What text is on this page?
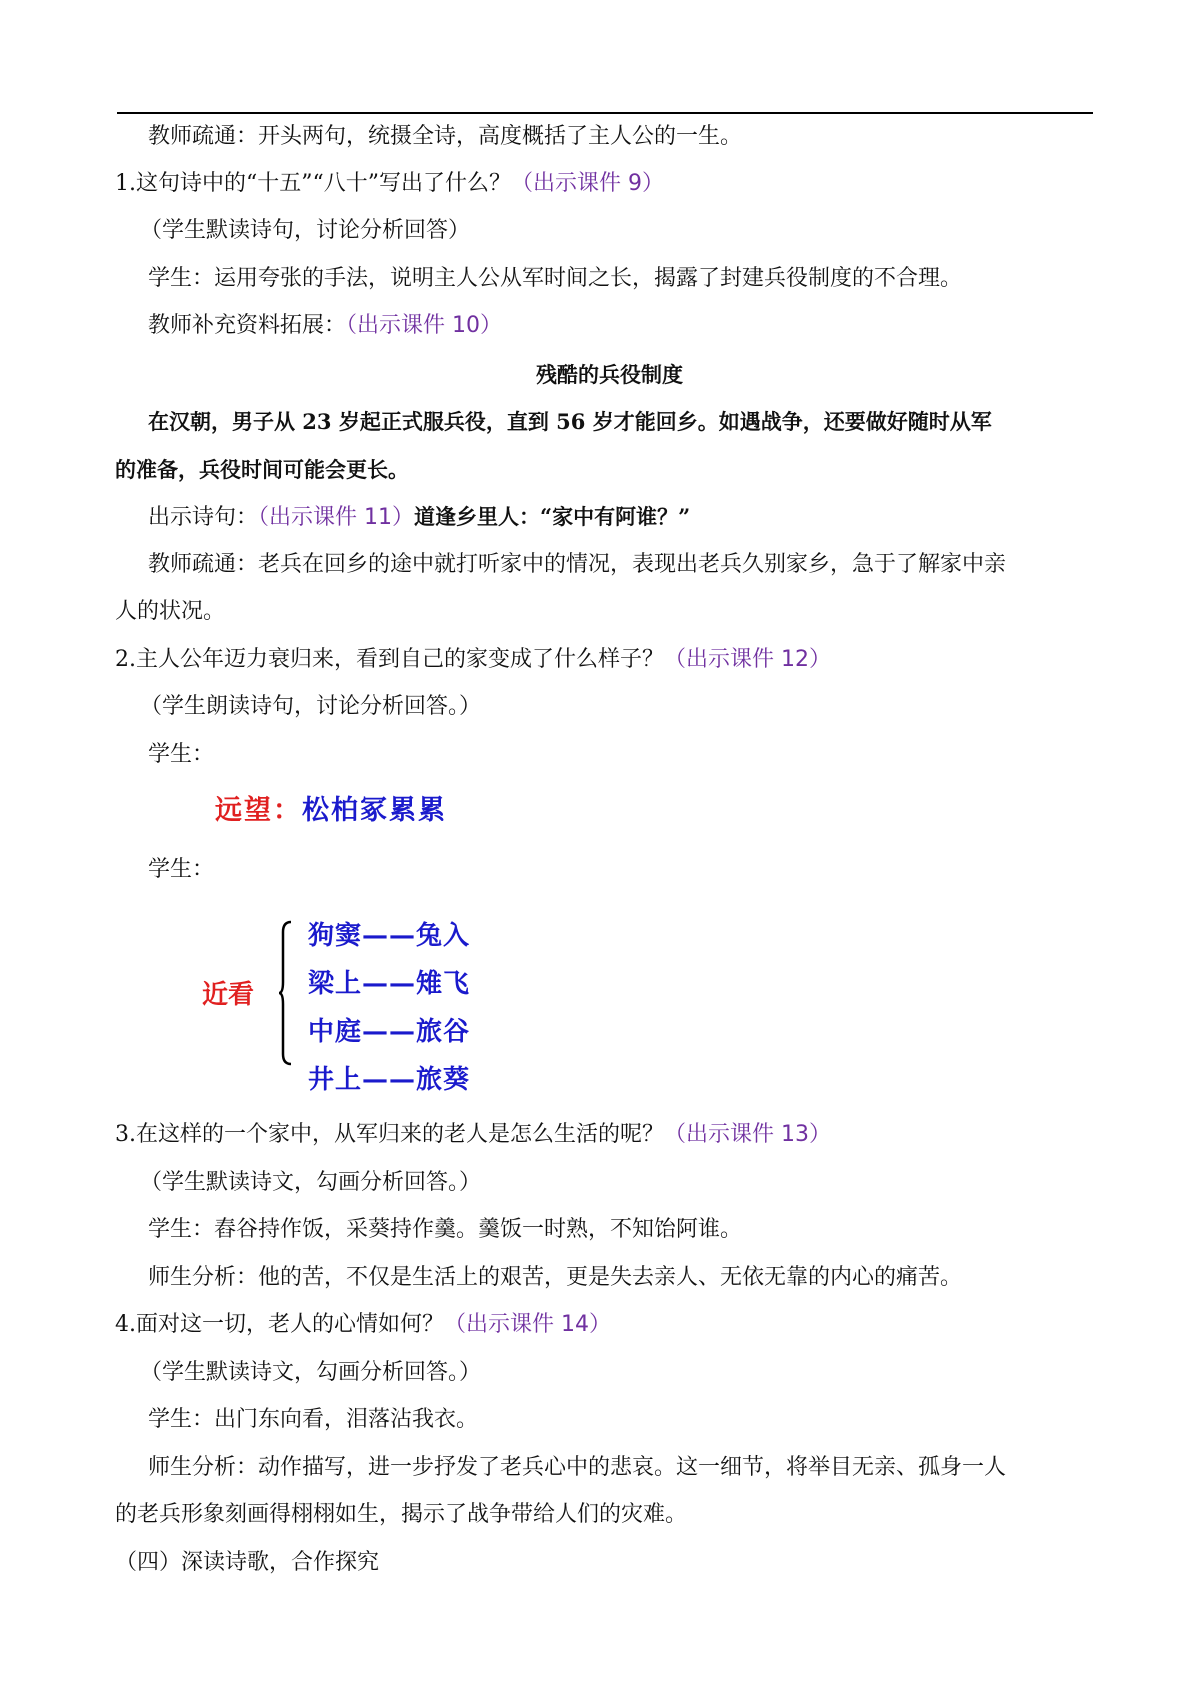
教师疏通：开头两句，统摄全诗，高度概括了主人公的一生。
1.这句诗中的“十五”“八十”写出了什么？（出示课件 9）
（学生默读诗句，讨论分析回答）
学生：运用夸张的手法，说明主人公从军时间之长，揭露了封建兵役制度的不合理。
教师补充资料拓展：（出示课件 10）
残酷的兵役制度
在汉朝，男子从 23 岁起正式服兵役，直到 56 岁才能回乡。如遇战争，还要做好随时从军
的准备，兵役时间可能会更长。
出示诗句：（出示课件 11）道逢乡里人：“家中有阿谁？”
教师疏通：老兵在回乡的途中就打听家中的情况，表现出老兵久别家乡，急于了解家中亲
人的状况。
2.主人公年迈力衰归来，看到自己的家变成了什么样子？（出示课件 12）
（学生朗读诗句，讨论分析回答。）
学生：
远望：松柏冢累累
学生：
近看
狗窦——兔入
梁上——雉飞
中庭——旅谷
井上——旅葵
3.在这样的一个家中，从军归来的老人是怎么生活的呢？（出示课件 13）
（学生默读诗文，勾画分析回答。）
学生：舂谷持作饭，采葵持作羹。羹饭一时熟，不知饴阿谁。
师生分析：他的苦，不仅是生活上的艰苦，更是失去亲人、无依无靠的内心的痛苦。
4.面对这一切，老人的心情如何？（出示课件 14）
（学生默读诗文，勾画分析回答。）
学生：出门东向看，泪落沾我衣。
师生分析：动作描写，进一步抒发了老兵心中的悲哀。这一细节，将举目无亲、孤身一人
的老兵形象刻画得栩栩如生，揭示了战争带给人们的灾难。
（四）深读诗歌，合作探究
